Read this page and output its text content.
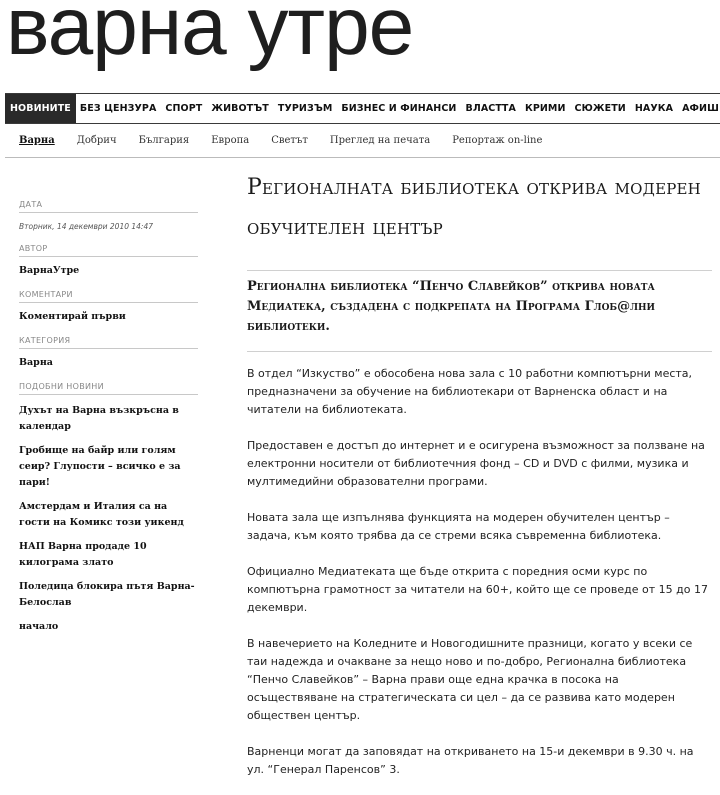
варна утре
НОВИНИТЕ БЕЗ ЦЕНЗУРА СПОРТ ЖИВОТЪТ ТУРИЗЪМ БИЗНЕС И ФИНАНСИ ВЛАСТТА КРИМИ СЮЖЕТИ НАУКА АФИШ
Варна	Добрич	България	Европа	Светът	Преглед на печата	Репортаж on-line
ДАТА
Вторник, 14 декември 2010 14:47
АВТОР
ВарнаУтре
КОМЕНТАРИ
Коментирай първи
КАТЕГОРИЯ
Варна
ПОДОБНИ НОВИНИ
Духът на Варна възкръсна в календар
Гробище на байр или голям сеир? Глупости – всичко е за пари!
Амстердам и Италия са на гости на Комикс този уикенд
НАП Варна продаде 10 килограма злато
Поледица блокира пътя Варна-Белослав
начало
Регионалната библиотека открива модерен обучителен център
Регионална библиотека “Пенчо Славейков” открива новата Медиатека, създадена с подкрепата на Програма Глоб@лни библиотеки.

В отдел “Изкуство” е обособена нова зала с 10 работни компютърни места, предназначени за обучение на библиотекари от Варненска област и на читатели на библиотеката.

Предоставен е достъп до интернет и е осигурена възможност за ползване на електронни носители от библиотечния фонд – CD и DVD с филми, музика и мултимедийни образователни програми.

Новата зала ще изпълнява функцията на модерен обучителен център – задача, към която трябва да се стреми всяка съвременна библиотека.

Официално Медиатеката ще бъде открита с поредния осми курс по компютърна грамотност за читатели на 60+, който ще се проведе от 15 до 17 декември.

В навечерието на Коледните и Новогодишните празници, когато у всеки се таи надежда и очакване за нещо ново и по-добро, Регионална библиотека “Пенчо Славейков” – Варна прави още една крачка в посока на осъществяване на стратегическата си цел – да се развива като модерен обществен център.

Варненци могат да заповядат на откриването на 15-и декември в 9.30 ч. на ул. “Генерал Паренсов” 3.
